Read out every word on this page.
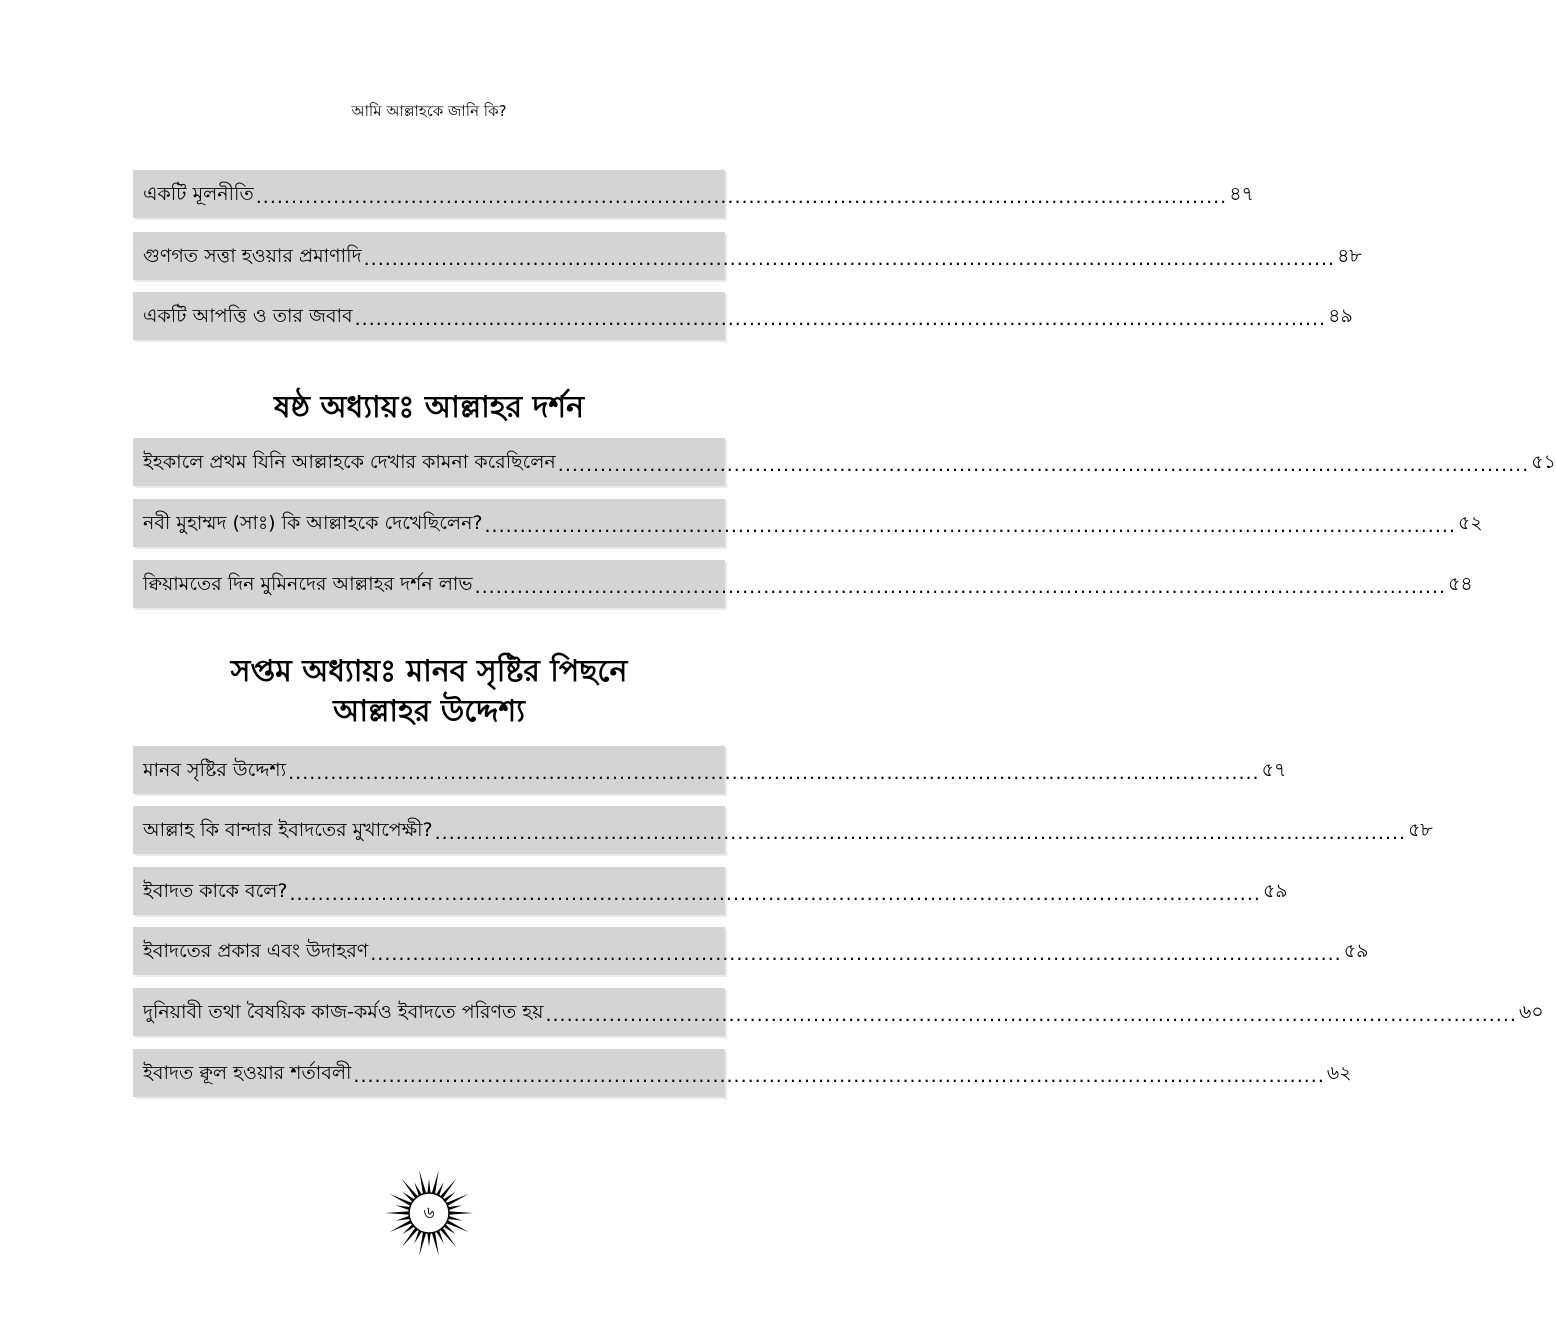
আমি আল্লাহকে জানি কি?
একটি মূলনীতি .......................................................................................................................................... ৪৭
গুণগত সত্তা হওয়ার প্রমাণাদি .......................................................................................................................................... ৪৮
একটি আপত্তি ও তার জবাব .......................................................................................................................................... ৪৯
ষষ্ঠ অধ্যায়ঃ আল্লাহর দর্শন
ইহকালে প্রথম যিনি আল্লাহকে দেখার কামনা করেছিলেন .......................................................................................................................................... ৫১
নবী মুহাম্মদ (সাঃ) কি আল্লাহকে দেখেছিলেন? .......................................................................................................................................... ৫২
ক্বিয়ামতের দিন মুমিনদের আল্লাহর দর্শন লাভ .......................................................................................................................................... ৫৪
সপ্তম অধ্যায়ঃ মানব সৃষ্টির পিছনে
আল্লাহর উদ্দেশ্য
মানব সৃষ্টির উদ্দেশ্য .......................................................................................................................................... ৫৭
আল্লাহ কি বান্দার ইবাদতের মুখাপেক্ষী? .......................................................................................................................................... ৫৮
ইবাদত কাকে বলে? .......................................................................................................................................... ৫৯
ইবাদতের প্রকার এবং উদাহরণ .......................................................................................................................................... ৫৯
দুনিয়াবী তথা বৈষয়িক কাজ-কর্মও ইবাদতে পরিণত হয় .......................................................................................................................................... ৬০
ইবাদত ক্বূল হওয়ার শর্তাবলী .......................................................................................................................................... ৬২
৬
